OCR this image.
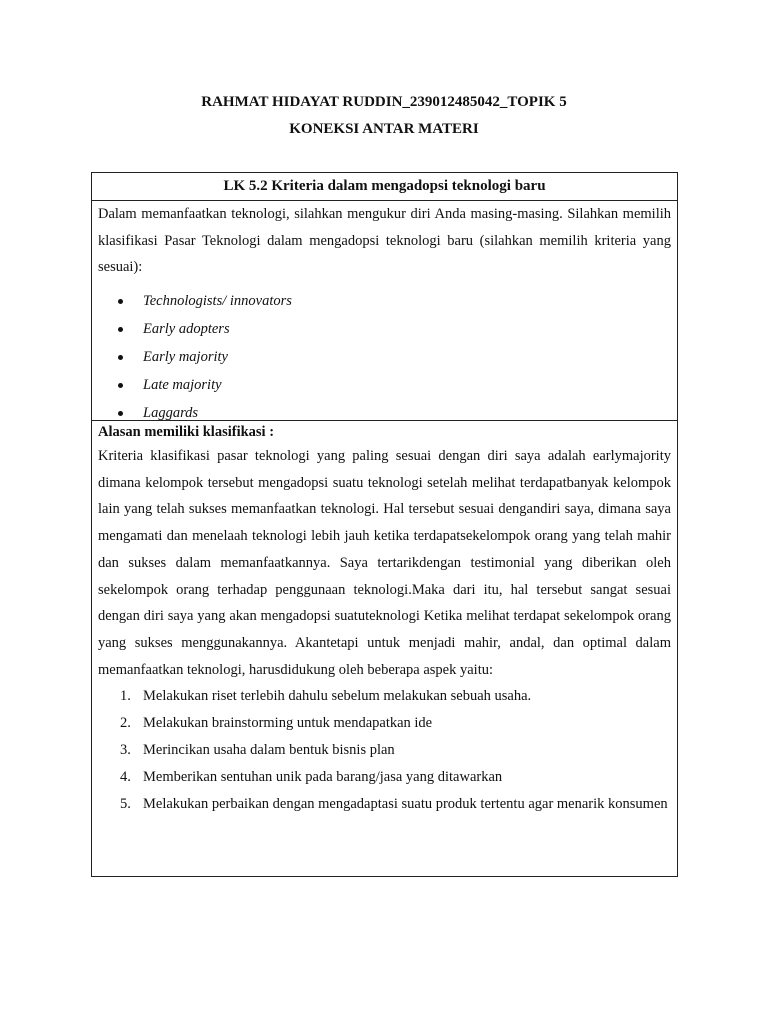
RAHMAT HIDAYAT RUDDIN_239012485042_TOPIK 5
KONEKSI ANTAR MATERI
LK 5.2 Kriteria dalam mengadopsi teknologi baru
Dalam memanfaatkan teknologi, silahkan mengukur diri Anda masing-masing. Silahkan memilih klasifikasi Pasar Teknologi dalam mengadopsi teknologi baru (silahkan memilih kriteria yang sesuai):
Technologists/ innovators
Early adopters
Early majority
Late majority
Laggards
Alasan memiliki klasifikasi :
Kriteria klasifikasi pasar teknologi yang paling sesuai dengan diri saya adalah earlymajority dimana kelompok tersebut mengadopsi suatu teknologi setelah melihat terdapatbanyak kelompok lain yang telah sukses memanfaatkan teknologi. Hal tersebut sesuai dengandiri saya, dimana saya mengamati dan menelaah teknologi lebih jauh ketika terdapatsekelompok orang yang telah mahir dan sukses dalam memanfaatkannya. Saya tertarikdengan testimonial yang diberikan oleh sekelompok orang terhadap penggunaan teknologi.Maka dari itu, hal tersebut sangat sesuai dengan diri saya yang akan mengadopsi suatuteknologi Ketika melihat terdapat sekelompok orang yang sukses menggunakannya. Akantetapi untuk menjadi mahir, andal, dan optimal dalam memanfaatkan teknologi, harusdidukung oleh beberapa aspek yaitu:
1. Melakukan riset terlebih dahulu sebelum melakukan sebuah usaha.
2. Melakukan brainstorming untuk mendapatkan ide
3. Merincikan usaha dalam bentuk bisnis plan
4. Memberikan sentuhan unik pada barang/jasa yang ditawarkan
5. Melakukan perbaikan dengan mengadaptasi suatu produk tertentu agar menarik konsumen
